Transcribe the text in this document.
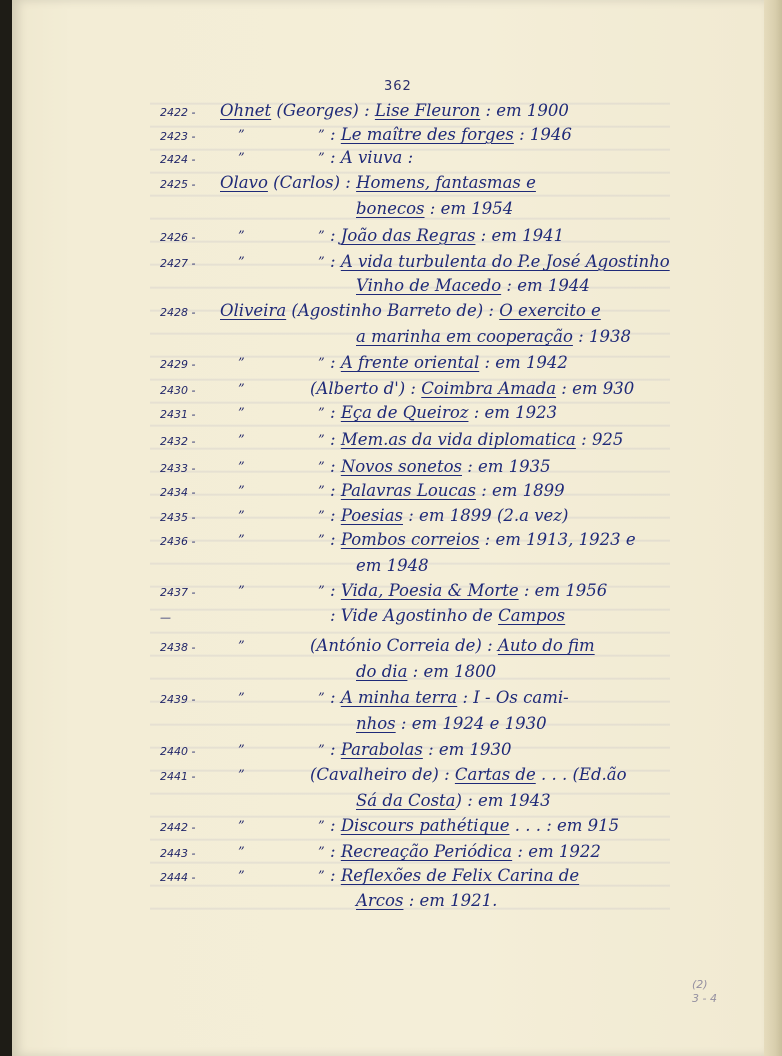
362
2422 - Ohnet (Georges) : Lise Fleuron : em 1900
2423 -	”	” : Le maître des forges : 1946
2424 -	”	” : A viuva :
2425 - Olavo (Carlos) : Homens, fantasmas e
bonecos : em 1954
2426 -	”	” : João das Regras : em 1941
2427 -	”	” : A vida turbulenta do P.e José Agostinho
Vinho de Macedo : em 1944
2428 - Oliveira (Agostinho Barreto de) : O exercito e
a marinha em cooperação : 1938
2429 -	”	” : A frente oriental : em 1942
2430 -	”	(Alberto d') : Coimbra Amada : em 930
2431 -	”	” : Eça de Queiroz : em 1923
2432 -	”	” : Mem.as da vida diplomatica : 925
2433 -	”	” : Novos sonetos : em 1935
2434 -	”	” : Palavras Loucas : em 1899
2435 -	”	” : Poesias : em 1899 (2.a vez)
2436 -	”	” : Pombos correios : em 1913, 1923 e
em 1948
2437 -	”	” : Vida, Poesia & Morte : em 1956
—	: Vide Agostinho de Campos
2438 -	”	(António Correia de) : Auto do fim
do dia : em 1800
2439 -	”	” : A minha terra : I - Os cami-
nhos : em 1924 e 1930
2440 -	”	” : Parabolas : em 1930
2441 -	”	(Cavalheiro de) : Cartas de . . . (Ed.ão
Sá da Costa) : em 1943
2442 -	”	” : Discours pathétique . . . : em 915
2443 -	”	” : Recreação Periódica : em 1922
2444 -	”	” : Reflexões de Felix Carina de
Arcos : em 1921.
(2)
3 - 4
